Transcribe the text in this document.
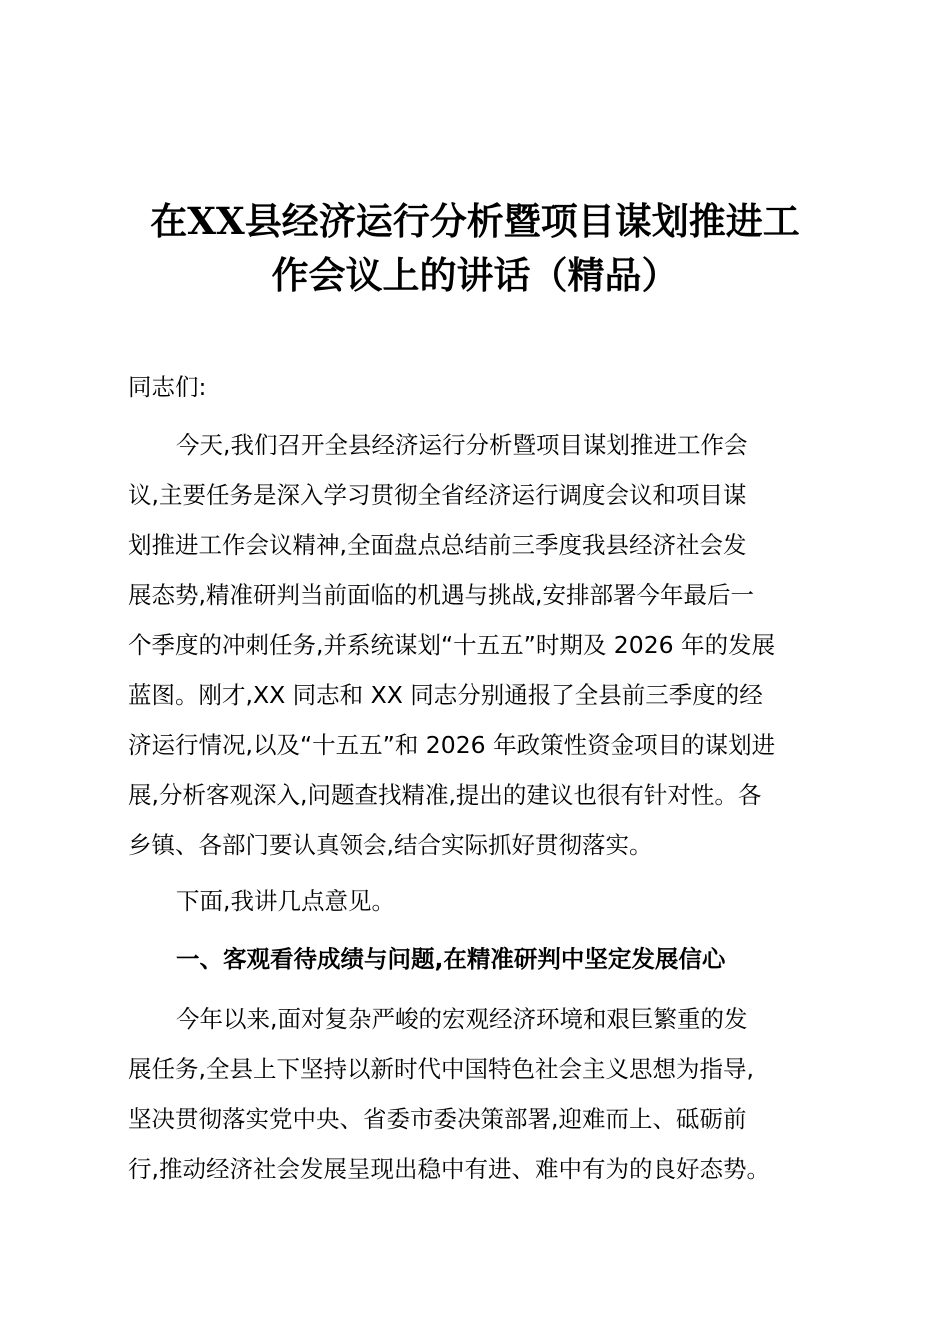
在XX县经济运行分析暨项目谋划推进工
作会议上的讲话（精品）
同志们:
今天,我们召开全县经济运行分析暨项目谋划推进工作会
议,主要任务是深入学习贯彻全省经济运行调度会议和项目谋
划推进工作会议精神,全面盘点总结前三季度我县经济社会发
展态势,精准研判当前面临的机遇与挑战,安排部署今年最后一
个季度的冲刺任务,并系统谋划“十五五”时期及 2026 年的发展
蓝图。刚才,XX 同志和 XX 同志分别通报了全县前三季度的经
济运行情况,以及“十五五”和 2026 年政策性资金项目的谋划进
展,分析客观深入,问题查找精准,提出的建议也很有针对性。各
乡镇、各部门要认真领会,结合实际抓好贯彻落实。
下面,我讲几点意见。
一、客观看待成绩与问题,在精准研判中坚定发展信心
今年以来,面对复杂严峻的宏观经济环境和艰巨繁重的发
展任务,全县上下坚持以新时代中国特色社会主义思想为指导,
坚决贯彻落实党中央、省委市委决策部署,迎难而上、砥砺前
行,推动经济社会发展呈现出稳中有进、难中有为的良好态势。
